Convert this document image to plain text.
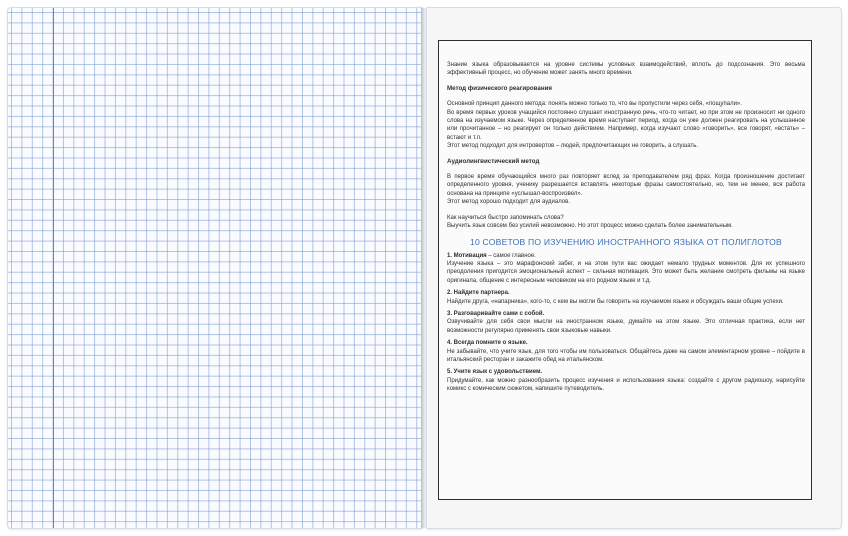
Знание языка образовывается на уровне системы условных взаимодействий, вплоть до подсознания. Это весьма эффективный процесс, но обучение может занять много времени.

Метод физического реагирования

Основной принцип данного метода: понять можно только то, что вы пропустили через себя, «пощупали».

Во время первых уроков учащийся постоянно слушает иностранную речь, что-то читает, но при этом не произносит ни одного слова на изучаемом языке. Через определенное время наступает период, когда он уже должен реагировать на услышанное или прочитанное – но реагирует он только действием. Например, когда изучают слово «говорить», все говорят, «встать» – встают и т.п.

Этот метод подходит для интровертов – людей, предпочитающих не говорить, а слушать.

Аудиолингвистический метод

В первое время обучающийся много раз повторяет вслед за преподавателем ряд фраз. Когда произношение достигает определенного уровня, ученику разрешается вставлять некоторые фразы самостоятельно, но, тем не менее, вся работа основана на принципе «услышал-воспроизвел».

Этот метод хорошо подходит для аудиалов.

Как научиться быстро запоминать слова?

Выучить язык совсем без усилий невозможно. Но этот процесс можно сделать более занимательным.

10 СОВЕТОВ ПО ИЗУЧЕНИЮ ИНОСТРАННОГО ЯЗЫКА ОТ ПОЛИГЛОТОВ

1. Мотивация – самое главное.

Изучение языка – это марафонский забег, и на этом пути вас ожидает немало трудных моментов. Для их успешного преодоления пригодится эмоциональный аспект – сильная мотивация. Это может быть желание смотреть фильмы на языке оригинала, общение с интересным человеком на его родном языке и т.д.

2. Найдите партнера.

Найдите друга, «напарника», кого-то, с кем вы могли бы говорить на изучаемом языке и обсуждать ваши общие успехи.

3. Разговаривайте сами с собой.

Озвучивайте для себя свои мысли на иностранном языке, думайте на этом языке. Это отличная практика, если нет возможности регулярно применять свои языковые навыки.

4. Всегда помните о языке.

Не забывайте, что учите язык, для того чтобы им пользоваться. Общайтесь даже на самом элементарном уровне – пойдите в итальянский ресторан и закажите обед на итальянском.

5. Учите язык с удовольствием.

Придумайте, как можно разнообразить процесс изучения и использования языка: создайте с другом радиошоу, нарисуйте комикс с комическим сюжетом, напишите путеводитель.
